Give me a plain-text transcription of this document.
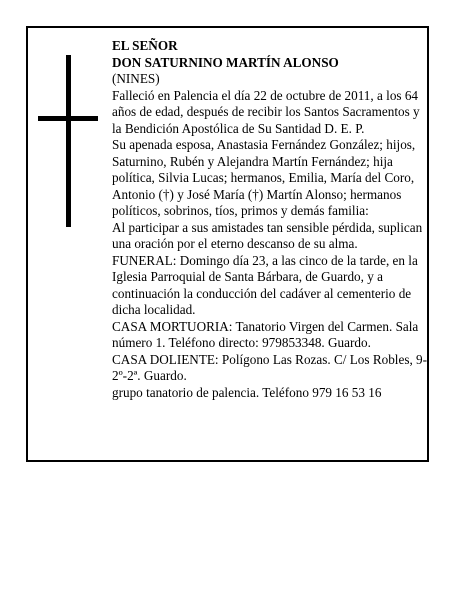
EL SEÑOR

DON SATURNINO MARTÍN ALONSO

(NINES)

Falleció en Palencia el día 22 de octubre de 2011, a los 64 años de edad, después de recibir los Santos Sacramentos y la Bendición Apostólica de Su Santidad D. E. P.

Su apenada esposa, Anastasia Fernández González; hijos, Saturnino, Rubén y Alejandra Martín Fernández; hija política, Silvia Lucas; hermanos, Emilia, María del Coro, Antonio (†) y José María (†) Martín Alonso; hermanos políticos, sobrinos, tíos, primos y demás familia:

Al participar a sus amistades tan sensible pérdida, suplican una oración por el eterno descanso de su alma.

FUNERAL: Domingo día 23, a las cinco de la tarde, en la Iglesia Parroquial de Santa Bárbara, de Guardo, y a continuación la conducción del cadáver al cementerio de dicha localidad.

CASA MORTUORIA: Tanatorio Virgen del Carmen. Sala número 1. Teléfono directo: 979853348. Guardo.

CASA DOLIENTE: Polígono Las Rozas. C/ Los Robles, 9-2º-2ª. Guardo.

grupo tanatorio de palencia. Teléfono 979 16 53 16
